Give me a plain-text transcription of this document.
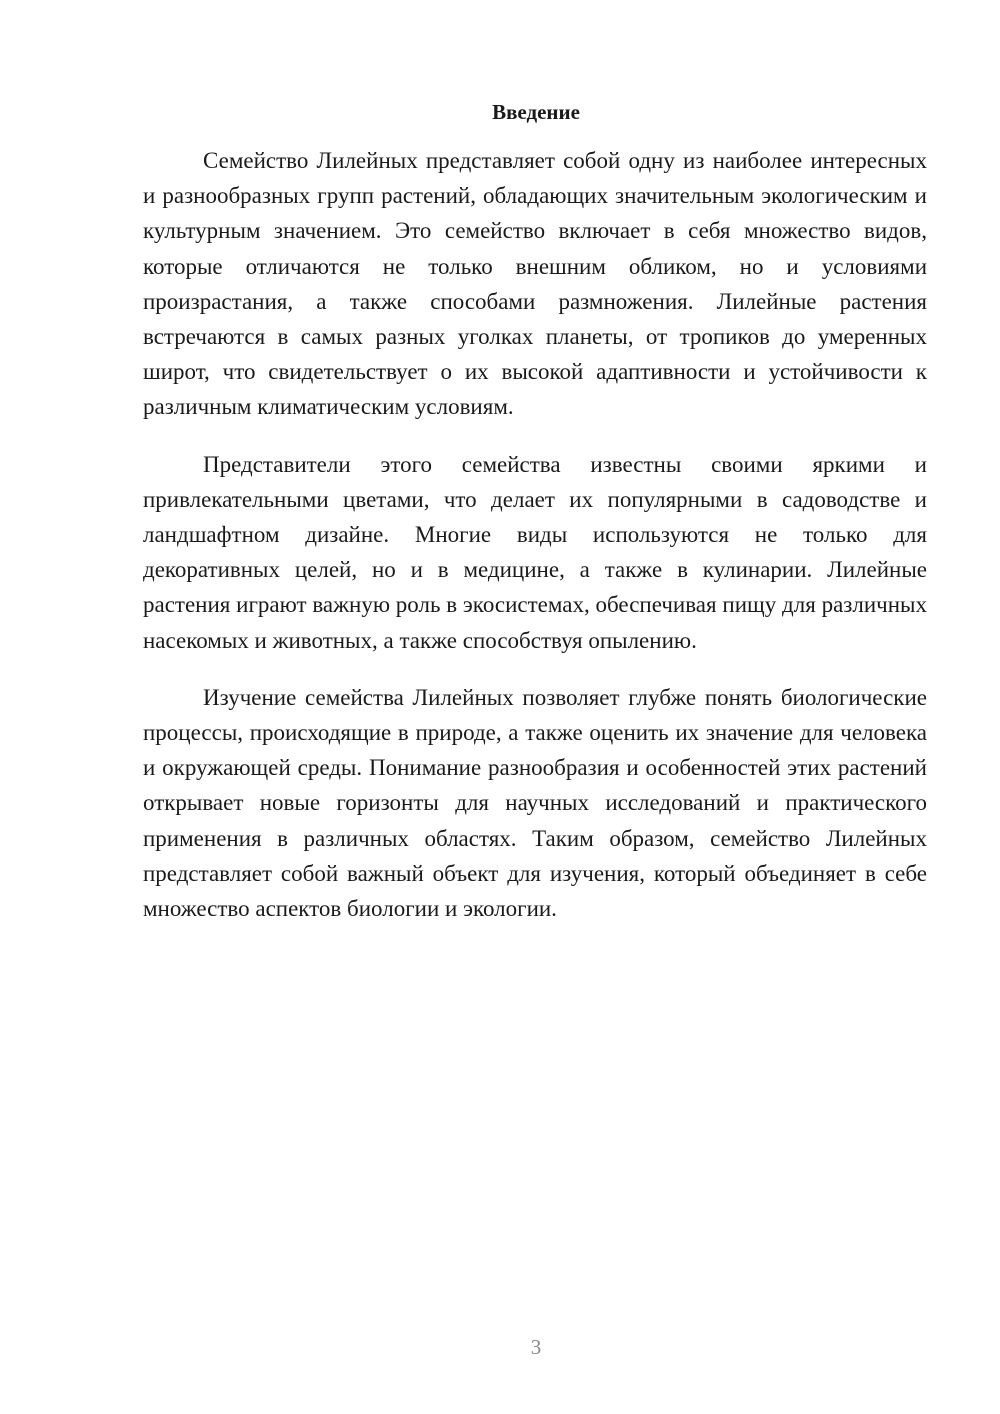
Введение

Семейство Лилейных представляет собой одну из наиболее интересных и разнообразных групп растений, обладающих значительным экологическим и культурным значением. Это семейство включает в себя множество видов, которые отличаются не только внешним обликом, но и условиями произрастания, а также способами размножения. Лилейные растения встречаются в самых разных уголках планеты, от тропиков до умеренных широт, что свидетельствует о их высокой адаптивности и устойчивости к различным климатическим условиям.

Представители этого семейства известны своими яркими и привлекательными цветами, что делает их популярными в садоводстве и ландшафтном дизайне. Многие виды используются не только для декоративных целей, но и в медицине, а также в кулинарии. Лилейные растения играют важную роль в экосистемах, обеспечивая пищу для различных насекомых и животных, а также способствуя опылению.

Изучение семейства Лилейных позволяет глубже понять биологические процессы, происходящие в природе, а также оценить их значение для человека и окружающей среды. Понимание разнообразия и особенностей этих растений открывает новые горизонты для научных исследований и практического применения в различных областях. Таким образом, семейство Лилейных представляет собой важный объект для изучения, который объединяет в себе множество аспектов биологии и экологии.

3
